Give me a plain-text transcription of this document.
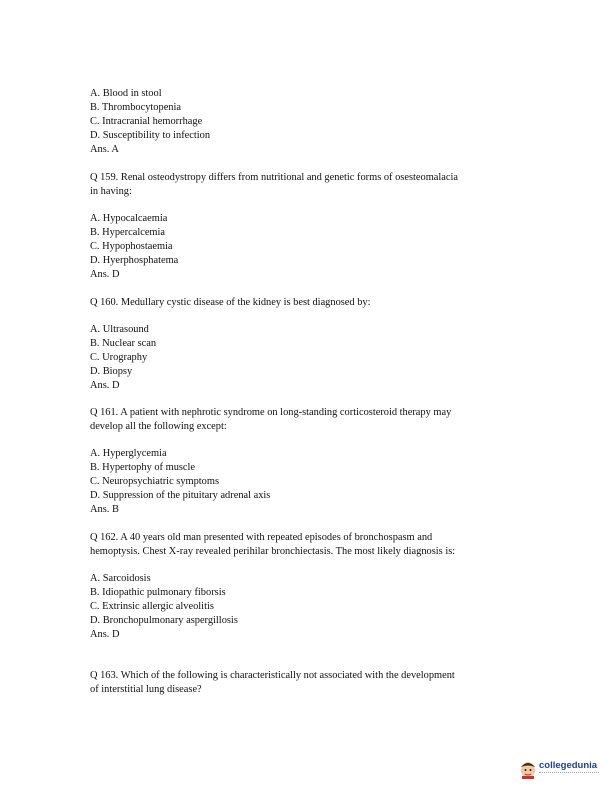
A. Blood in stool

B. Thrombocytopenia

C. Intracranial hemorrhage

D. Susceptibility to infection

Ans. A

Q 159. Renal osteodystropy differs from nutritional and genetic forms of osesteomalacia

in having:

A. Hypocalcaemia

B. Hypercalcemia

C. Hypophostaemia

D. Hyerphosphatema

Ans. D

Q 160. Medullary cystic disease of the kidney is best diagnosed by:

A. Ultrasound

B. Nuclear scan

C. Urography

D. Biopsy

Ans. D

Q 161. A patient with nephrotic syndrome on long-standing corticosteroid therapy may

develop all the following except:

A. Hyperglycemia

B. Hypertophy of muscle

C. Neuropsychiatric symptoms

D. Suppression of the pituitary adrenal axis

Ans. B

Q 162. A 40 years old man presented with repeated episodes of bronchospasm and

hemoptysis. Chest X-ray revealed perihilar bronchiectasis. The most likely diagnosis is:

A. Sarcoidosis

B. Idiopathic pulmonary fiborsis

C. Extrinsic allergic alveolitis

D. Bronchopulmonary aspergillosis

Ans. D

Q 163. Which of the following is characteristically not associated with the development

of interstitial lung disease?

collegedunia
